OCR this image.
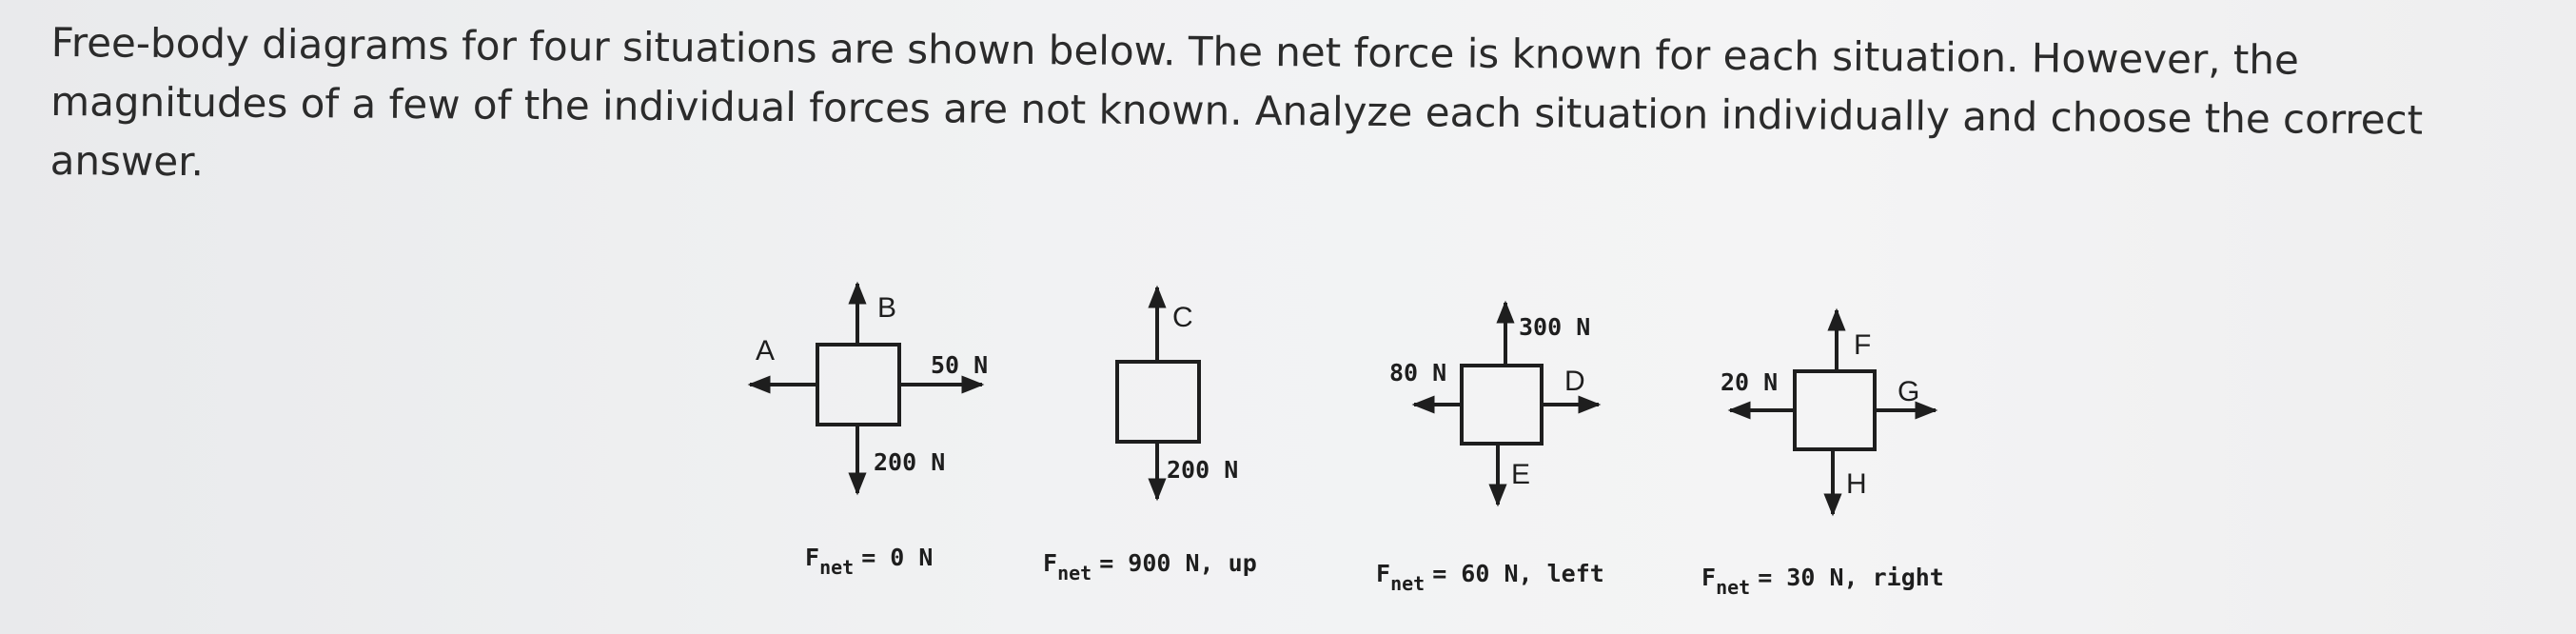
Free-body diagrams for four situations are shown below. The net force is known for each situation. However, the
magnitudes of a few of the individual forces are not known. Analyze each situation individually and choose the correct
answer.
B
A	50 N
200 N
$F_{net} = 0$ N
C
200 N
$F_{net} = 900$ N, up
300 N
80 N	D
E
$F_{net} = 60$ N, left
F
20 N	G
H
$F_{net} = 30$ N, right
